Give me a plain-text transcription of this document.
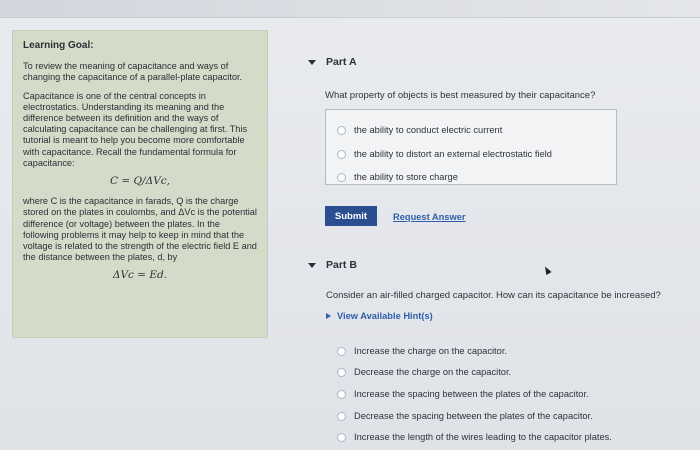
Learning Goal:
To review the meaning of capacitance and ways of changing the capacitance of a parallel-plate capacitor.
Capacitance is one of the central concepts in electrostatics. Understanding its meaning and the difference between its definition and the ways of calculating capacitance can be challenging at first. This tutorial is meant to help you become more comfortable with capacitance. Recall the fundamental formula for capacitance:
C = Q/ΔVc,
where C is the capacitance in farads, Q is the charge stored on the plates in coulombs, and ΔVc is the potential difference (or voltage) between the plates. In the following problems it may help to keep in mind that the voltage is related to the strength of the electric field E and the distance between the plates, d, by
ΔVc = Ed.
Part A
What property of objects is best measured by their capacitance?
the ability to conduct electric current
the ability to distort an external electrostatic field
the ability to store charge
Submit	Request Answer
Part B
Consider an air-filled charged capacitor. How can its capacitance be increased?
View Available Hint(s)
Increase the charge on the capacitor.
Decrease the charge on the capacitor.
Increase the spacing between the plates of the capacitor.
Decrease the spacing between the plates of the capacitor.
Increase the length of the wires leading to the capacitor plates.
